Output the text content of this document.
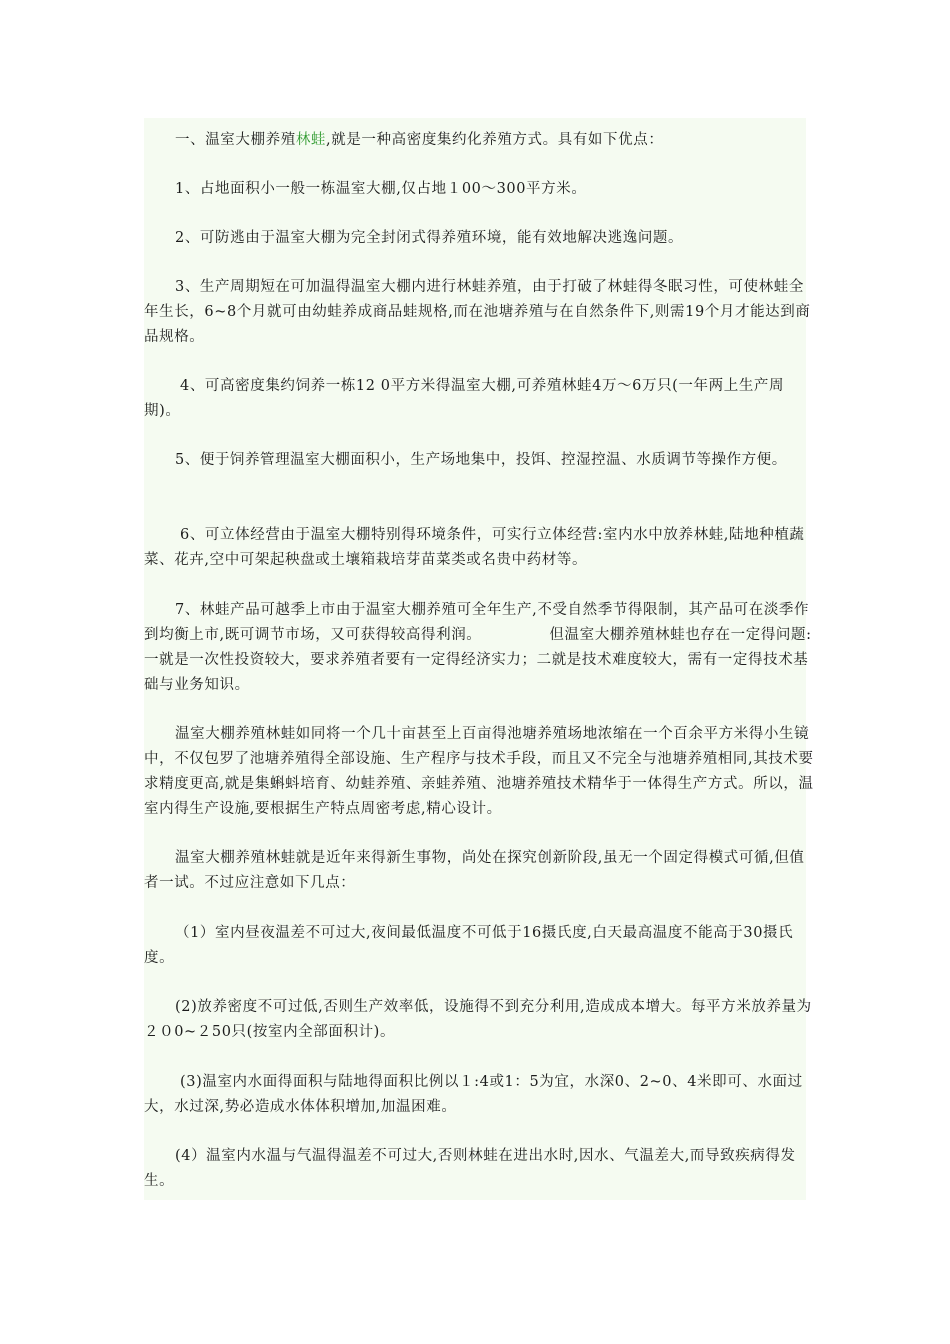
一、温室大棚养殖林蛙,就是一种高密度集约化养殖方式。具有如下优点：

1、占地面积小一般一栋温室大棚,仅占地１00～300平方米。

2、可防逃由于温室大棚为完全封闭式得养殖环境，能有效地解决逃逸问题。

3、生产周期短在可加温得温室大棚内进行林蛙养殖，由于打破了林蛙得冬眠习性，可使林蛙全年生长，6~8个月就可由幼蛙养成商品蛙规格,而在池塘养殖与在自然条件下,则需19个月才能达到商品规格。

4、可高密度集约饲养一栋12 0平方米得温室大棚,可养殖林蛙4万～6万只(一年两上生产周期)。

5、便于饲养管理温室大棚面积小，生产场地集中，投饵、控湿控温、水质调节等操作方便。

6、可立体经营由于温室大棚特别得环境条件，可实行立体经营:室内水中放养林蛙,陆地种植蔬菜、花卉,空中可架起秧盘或土壤箱栽培芽苗菜类或名贵中药材等。

7、林蛙产品可越季上市由于温室大棚养殖可全年生产,不受自然季节得限制，其产品可在淡季作到均衡上市,既可调节市场，又可获得较高得利润。	但温室大棚养殖林蛙也存在一定得问题:一就是一次性投资较大，要求养殖者要有一定得经济实力；二就是技术难度较大，需有一定得技术基础与业务知识。

温室大棚养殖林蛙如同将一个几十亩甚至上百亩得池塘养殖场地浓缩在一个百余平方米得小生镜中，不仅包罗了池塘养殖得全部设施、生产程序与技术手段，而且又不完全与池塘养殖相同,其技术要求精度更高,就是集蝌蚪培育、幼蛙养殖、亲蛙养殖、池塘养殖技术精华于一体得生产方式。所以，温室内得生产设施,要根据生产特点周密考虑,精心设计。

温室大棚养殖林蛙就是近年来得新生事物，尚处在探究创新阶段,虽无一个固定得模式可循,但值者一试。不过应注意如下几点：

（1）室内昼夜温差不可过大,夜间最低温度不可低于16摄氏度,白天最高温度不能高于30摄氏度。

(2)放养密度不可过低,否则生产效率低，设施得不到充分利用,造成成本增大。每平方米放养量为２０0~２50只(按室内全部面积计)。

(3)温室内水面得面积与陆地得面积比例以１:4或1：5为宜，水深0、2~0、4米即可、水面过大，水过深,势必造成水体体积增加,加温困难。

(4）温室内水温与气温得温差不可过大,否则林蛙在进出水时,因水、气温差大,而导致疾病得发生。
